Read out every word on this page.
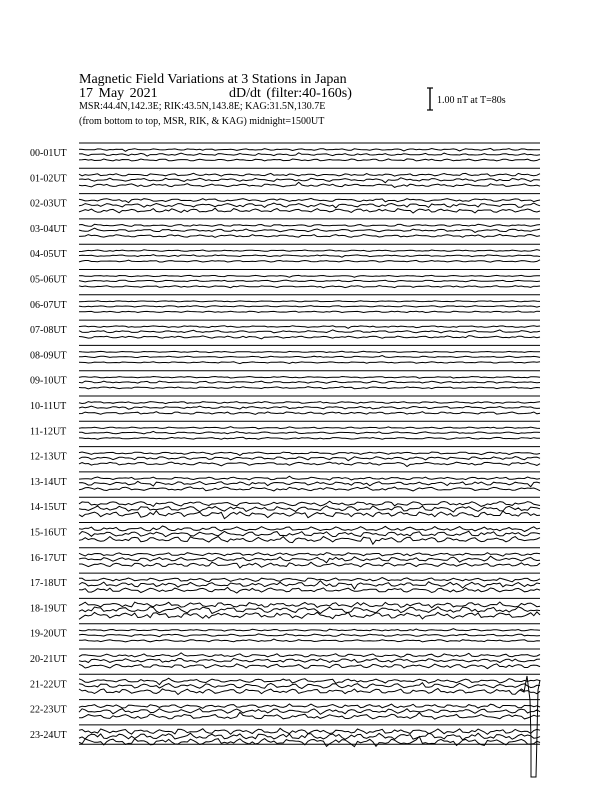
Magnetic Field Variations at 3 Stations in Japan
17 May 2021	dD/dt (filter:40-160s)
MSR:44.4N,142.3E; RIK:43.5N,143.8E; KAG:31.5N,130.7E
(from bottom to top, MSR, RIK, & KAG) midnight=1500UT
1.00 nT at T=80s
00-01UT
01-02UT
02-03UT
03-04UT
04-05UT
05-06UT
06-07UT
07-08UT
08-09UT
09-10UT
10-11UT
11-12UT
12-13UT
13-14UT
14-15UT
15-16UT
16-17UT
17-18UT
18-19UT
19-20UT
20-21UT
21-22UT
22-23UT
23-24UT
